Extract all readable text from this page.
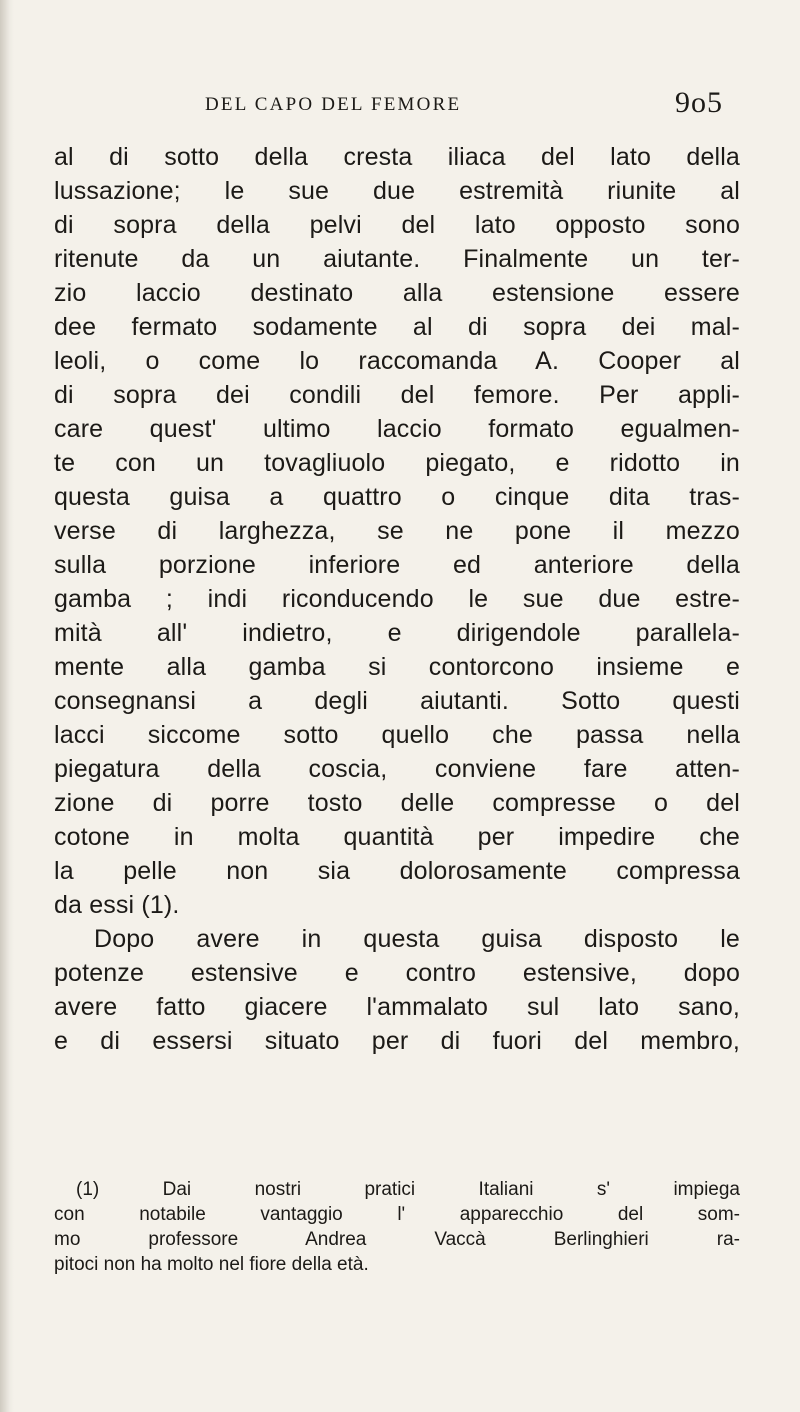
DEL CAPO DEL FEMORE	9o5
al di sotto della cresta iliaca del lato della
lussazione; le sue due estremità riunite al
di sopra della pelvi del lato opposto sono
ritenute da un aiutante. Finalmente un ter-
zio laccio destinato alla estensione essere
dee fermato sodamente al di sopra dei mal-
leoli, o come lo raccomanda A. Cooper al
di sopra dei condili del femore. Per appli-
care quest' ultimo laccio formato egualmen-
te con un tovagliuolo piegato, e ridotto in
questa guisa a quattro o cinque dita tras-
verse di larghezza, se ne pone il mezzo
sulla porzione inferiore ed anteriore della
gamba ; indi riconducendo le sue due estre-
mità all' indietro, e dirigendole parallela-
mente alla gamba si contorcono insieme e
consegnansi a degli aiutanti. Sotto questi
lacci siccome sotto quello che passa nella
piegatura della coscia, conviene fare atten-
zione di porre tosto delle compresse o del
cotone in molta quantità per impedire che
la pelle non sia dolorosamente compressa
da essi (1).
Dopo avere in questa guisa disposto le
potenze estensive e contro estensive, dopo
avere fatto giacere l'ammalato sul lato sano,
e di essersi situato per di fuori del membro,
(1) Dai nostri pratici Italiani s' impiega
con notabile vantaggio l' apparecchio del som-
mo professore Andrea Vaccà Berlinghieri ra-
pitoci non ha molto nel fiore della età.
